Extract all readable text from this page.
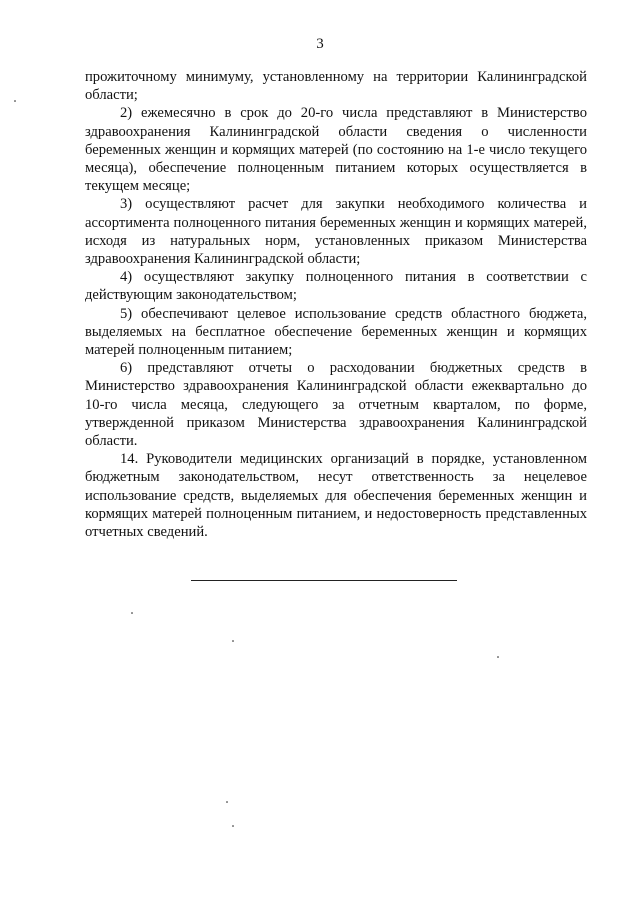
3

прожиточному минимуму, установленному на территории Калининградской области;

2) ежемесячно в срок до 20-го числа представляют в Министерство здравоохранения Калининградской области сведения о численности беременных женщин и кормящих матерей (по состоянию на 1-е число текущего месяца), обеспечение полноценным питанием которых осуществляется в текущем месяце;

3) осуществляют расчет для закупки необходимого количества и ассортимента полноценного питания беременных женщин и кормящих матерей, исходя из натуральных норм, установленных приказом Министерства здравоохранения Калининградской области;

4) осуществляют закупку полноценного питания в соответствии с действующим законодательством;

5) обеспечивают целевое использование средств областного бюджета, выделяемых на бесплатное обеспечение беременных женщин и кормящих матерей полноценным питанием;

6) представляют отчеты о расходовании бюджетных средств в Министерство здравоохранения Калининградской области ежеквартально до 10-го числа месяца, следующего за отчетным кварталом, по форме, утвержденной приказом Министерства здравоохранения Калининградской области.

14. Руководители медицинских организаций в порядке, установленном бюджетным законодательством, несут ответственность за нецелевое использование средств, выделяемых для обеспечения беременных женщин и кормящих матерей полноценным питанием, и недостоверность представленных отчетных сведений.
